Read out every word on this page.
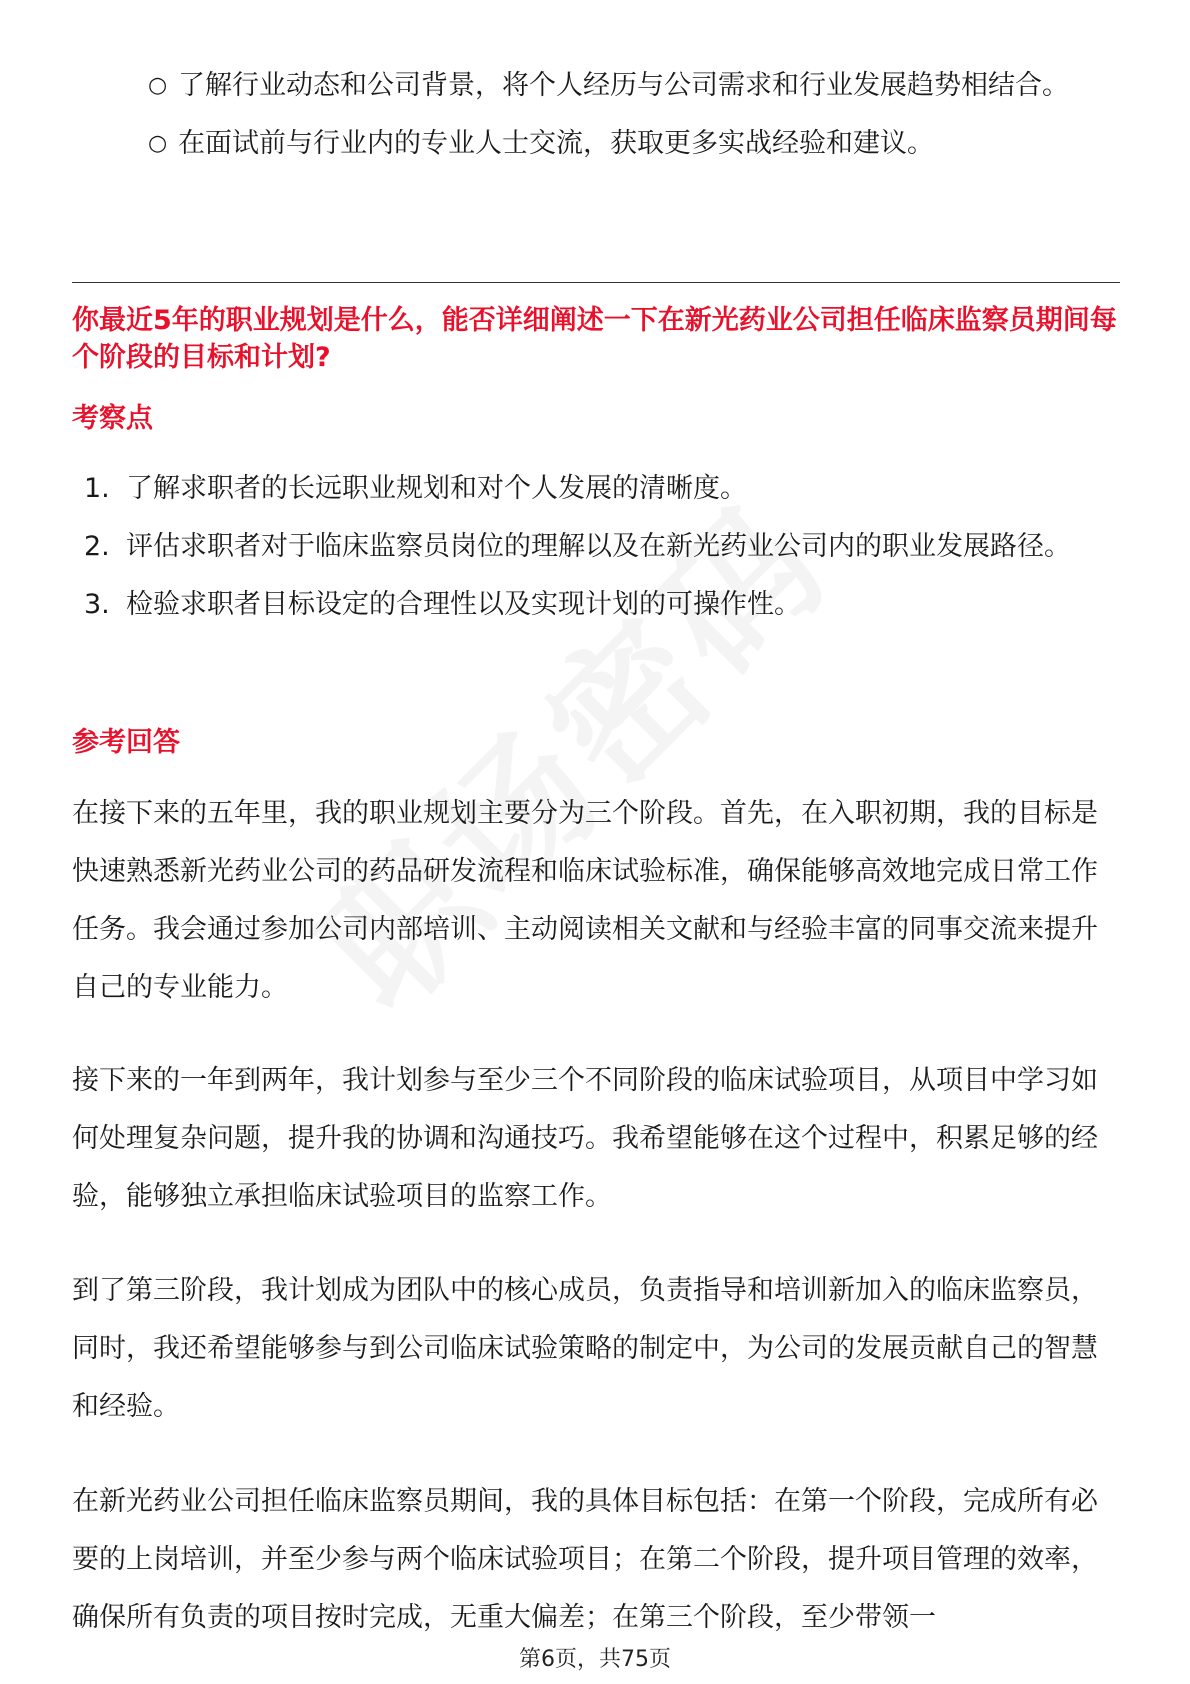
○ 了解行业动态和公司背景，将个人经历与公司需求和行业发展趋势相结合。
○ 在面试前与行业内的专业人士交流，获取更多实战经验和建议。
你最近5年的职业规划是什么，能否详细阐述一下在新光药业公司担任临床监察员期间每个阶段的目标和计划?
考察点
1. 了解求职者的长远职业规划和对个人发展的清晰度。
2. 评估求职者对于临床监察员岗位的理解以及在新光药业公司内的职业发展路径。
3. 检验求职者目标设定的合理性以及实现计划的可操作性。
参考回答

在接下来的五年里，我的职业规划主要分为三个阶段。首先，在入职初期，我的目标是快速熟悉新光药业公司的药品研发流程和临床试验标准，确保能够高效地完成日常工作任务。我会通过参加公司内部培训、主动阅读相关文献和与经验丰富的同事交流来提升自己的专业能力。

接下来的一年到两年，我计划参与至少三个不同阶段的临床试验项目，从项目中学习如何处理复杂问题，提升我的协调和沟通技巧。我希望能够在这个过程中，积累足够的经验，能够独立承担临床试验项目的监察工作。

到了第三阶段，我计划成为团队中的核心成员，负责指导和培训新加入的临床监察员，同时，我还希望能够参与到公司临床试验策略的制定中，为公司的发展贡献自己的智慧和经验。

在新光药业公司担任临床监察员期间，我的具体目标包括：在第一个阶段，完成所有必要的上岗培训，并至少参与两个临床试验项目；在第二个阶段，提升项目管理的效率，确保所有负责的项目按时完成，无重大偏差；在第三个阶段，至少带领一

第6页，共75页
